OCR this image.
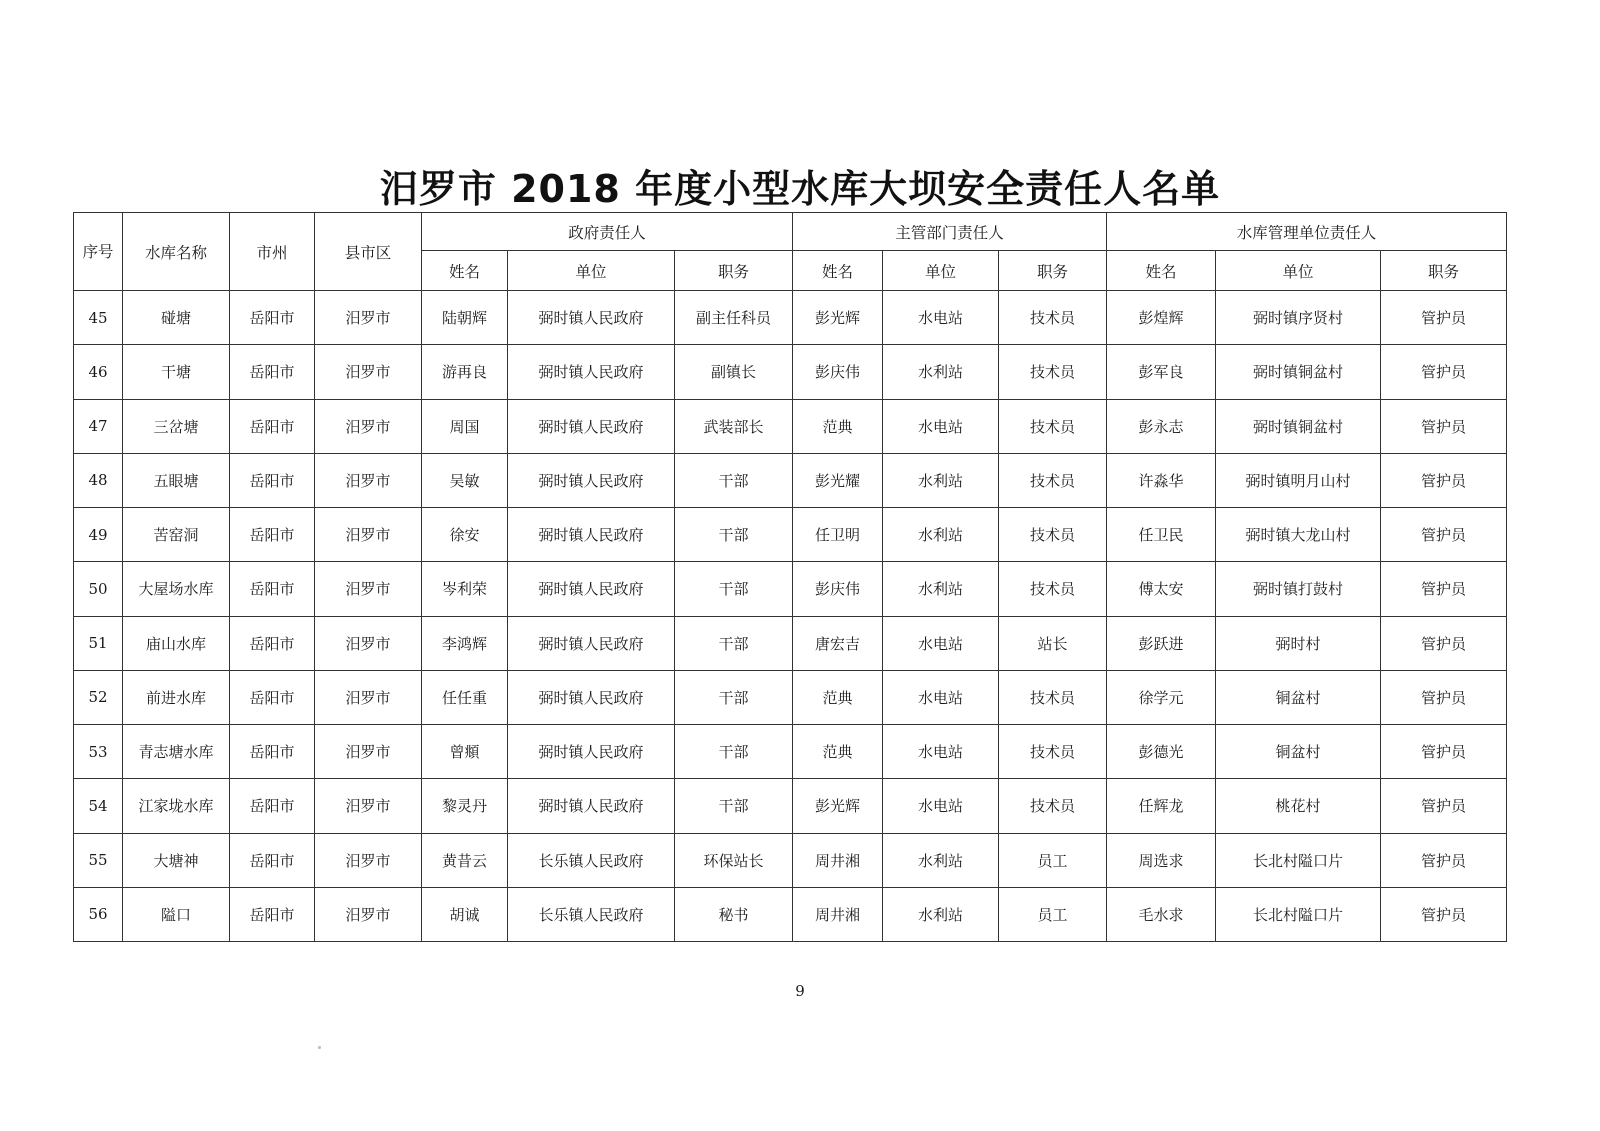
汨罗市 2018 年度小型水库大坝安全责任人名单
序号	水库名称	市州	县市区	政府责任人			主管部门责任人			水库管理单位责任人		
				姓名	单位	职务	姓名	单位	职务	姓名	单位	职务
45	碰塘	岳阳市	汨罗市	陆朝辉	弼时镇人民政府	副主任科员	彭光辉	水电站	技术员	彭煌辉	弼时镇序贤村	管护员
46	干塘	岳阳市	汨罗市	游再良	弼时镇人民政府	副镇长	彭庆伟	水利站	技术员	彭军良	弼时镇铜盆村	管护员
47	三岔塘	岳阳市	汨罗市	周国	弼时镇人民政府	武装部长	范典	水电站	技术员	彭永志	弼时镇铜盆村	管护员
48	五眼塘	岳阳市	汨罗市	吴敏	弼时镇人民政府	干部	彭光耀	水利站	技术员	许淼华	弼时镇明月山村	管护员
49	苦窑洞	岳阳市	汨罗市	徐安	弼时镇人民政府	干部	任卫明	水利站	技术员	任卫民	弼时镇大龙山村	管护员
50	大屋场水库	岳阳市	汨罗市	岑利荣	弼时镇人民政府	干部	彭庆伟	水利站	技术员	傅太安	弼时镇打鼓村	管护员
51	庙山水库	岳阳市	汨罗市	李鸿辉	弼时镇人民政府	干部	唐宏吉	水电站	站长	彭跃进	弼时村	管护员
52	前进水库	岳阳市	汨罗市	任任重	弼时镇人民政府	干部	范典	水电站	技术员	徐学元	铜盆村	管护员
53	青志塘水库	岳阳市	汨罗市	曾頫	弼时镇人民政府	干部	范典	水电站	技术员	彭德光	铜盆村	管护员
54	江家垅水库	岳阳市	汨罗市	黎灵丹	弼时镇人民政府	干部	彭光辉	水电站	技术员	任辉龙	桃花村	管护员
55	大塘神	岳阳市	汨罗市	黄昔云	长乐镇人民政府	环保站长	周井湘	水利站	员工	周选求	长北村隘口片	管护员
56	隘口	岳阳市	汨罗市	胡诚	长乐镇人民政府	秘书	周井湘	水利站	员工	毛水求	长北村隘口片	管护员
9
